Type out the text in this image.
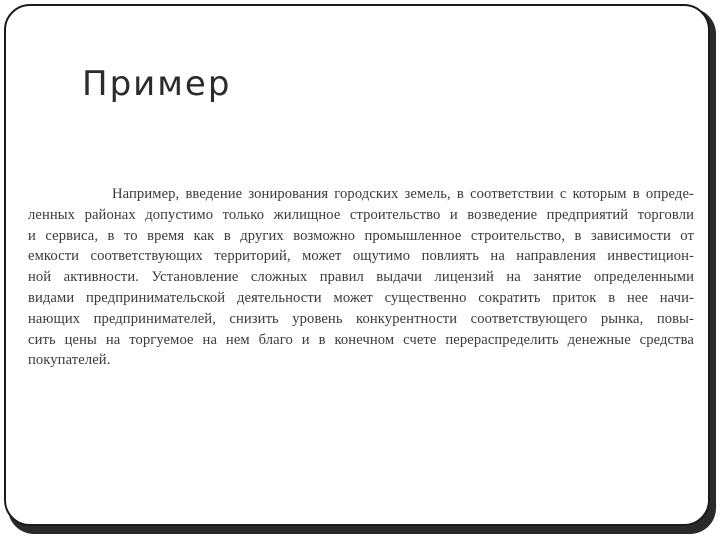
Пример
Например, введение зонирования городских земель, в соответствии с которым в опреде-
ленных районах допустимо только жилищное строительство и возведение предприятий торговли
и сервиса, в то время как в других возможно промышленное строительство, в зависимости от
емкости соответствующих территорий, может ощутимо повлиять на направления инвестицион-
ной активности. Установление сложных правил выдачи лицензий на занятие определенными
видами предпринимательской деятельности может существенно сократить приток в нее начи-
нающих предпринимателей, снизить уровень конкурентности соответствующего рынка, повы-
сить цены на торгуемое на нем благо и в конечном счете перераспределить денежные средства
покупателей.
